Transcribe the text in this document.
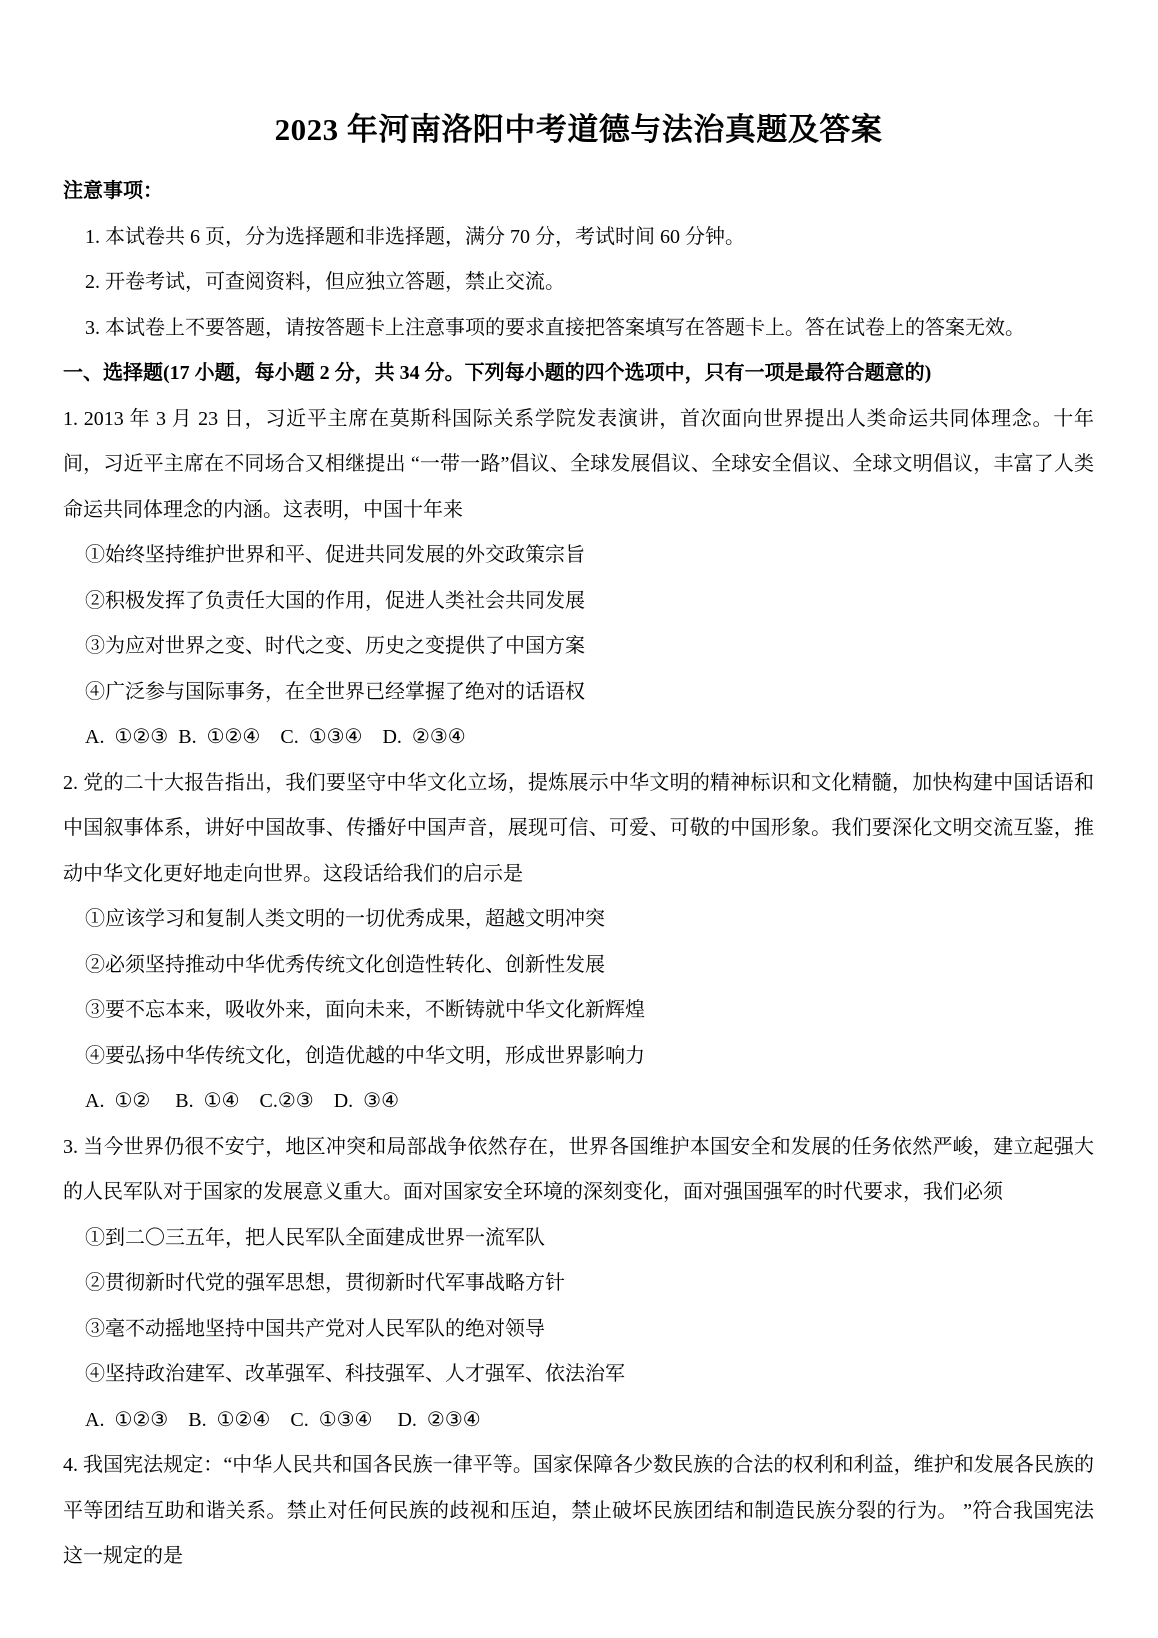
2023 年河南洛阳中考道德与法治真题及答案

注意事项：

1. 本试卷共 6 页，分为选择题和非选择题，满分 70 分，考试时间 60 分钟。

2. 开卷考试，可查阅资料，但应独立答题，禁止交流。

3. 本试卷上不要答题，请按答题卡上注意事项的要求直接把答案填写在答题卡上。答在试卷上的答案无效。

一、选择题(17 小题，每小题 2 分，共 34 分。下列每小题的四个选项中，只有一项是最符合题意的)

1. 2013 年 3 月 23 日，习近平主席在莫斯科国际关系学院发表演讲，首次面向世界提出人类命运共同体理念。十年间，习近平主席在不同场合又相继提出 “一带一路”倡议、全球发展倡议、全球安全倡议、全球文明倡议，丰富了人类命运共同体理念的内涵。这表明，中国十年来

①始终坚持维护世界和平、促进共同发展的外交政策宗旨

②积极发挥了负责任大国的作用，促进人类社会共同发展

③为应对世界之变、时代之变、历史之变提供了中国方案

④广泛参与国际事务，在全世界已经掌握了绝对的话语权

A.  ①②③  B.  ①②④    C.  ①③④    D.  ②③④

2. 党的二十大报告指出，我们要坚守中华文化立场，提炼展示中华文明的精神标识和文化精髓，加快构建中国话语和中国叙事体系，讲好中国故事、传播好中国声音，展现可信、可爱、可敬的中国形象。我们要深化文明交流互鉴，推动中华文化更好地走向世界。这段话给我们的启示是

①应该学习和复制人类文明的一切优秀成果，超越文明冲突

②必须坚持推动中华优秀传统文化创造性转化、创新性发展

③要不忘本来，吸收外来，面向未来，不断铸就中华文化新辉煌

④要弘扬中华传统文化，创造优越的中华文明，形成世界影响力

A.  ①②     B.  ①④    C.②③    D.  ③④

3. 当今世界仍很不安宁，地区冲突和局部战争依然存在，世界各国维护本国安全和发展的任务依然严峻，建立起强大的人民军队对于国家的发展意义重大。面对国家安全环境的深刻变化，面对强国强军的时代要求，我们必须

①到二〇三五年，把人民军队全面建成世界一流军队

②贯彻新时代党的强军思想，贯彻新时代军事战略方针

③毫不动摇地坚持中国共产党对人民军队的绝对领导

④坚持政治建军、改革强军、科技强军、人才强军、依法治军

A.  ①②③    B.  ①②④    C.  ①③④     D.  ②③④

4. 我国宪法规定：“中华人民共和国各民族一律平等。国家保障各少数民族的合法的权利和利益，维护和发展各民族的平等团结互助和谐关系。禁止对任何民族的歧视和压迫，禁止破坏民族团结和制造民族分裂的行为。 ”符合我国宪法这一规定的是
